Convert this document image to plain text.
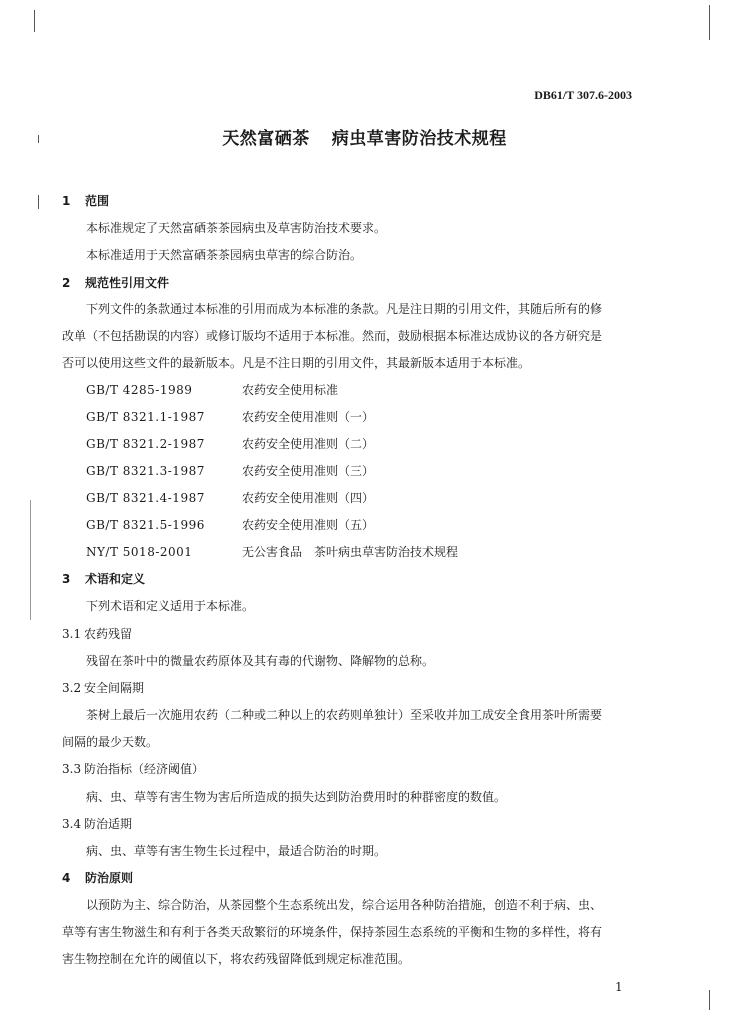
DB61/T 307.6-2003
天然富硒茶 病虫草害防治技术规程
1 范围
本标准规定了天然富硒茶茶园病虫及草害防治技术要求。
本标准适用于天然富硒茶茶园病虫草害的综合防治。
2 规范性引用文件
下列文件的条款通过本标准的引用而成为本标准的条款。凡是注日期的引用文件，其随后所有的修
改单（不包括勘误的内容）或修订版均不适用于本标准。然而，鼓励根据本标准达成协议的各方研究是
否可以使用这些文件的最新版本。凡是不注日期的引用文件，其最新版本适用于本标准。
GB/T 4285-1989	农药安全使用标准
GB/T 8321.1-1987	农药安全使用准则（一）
GB/T 8321.2-1987	农药安全使用准则（二）
GB/T 8321.3-1987	农药安全使用准则（三）
GB/T 8321.4-1987	农药安全使用准则（四）
GB/T 8321.5-1996	农药安全使用准则（五）
NY/T 5018-2001	无公害食品　茶叶病虫草害防治技术规程
3 术语和定义
下列术语和定义适用于本标准。
3.1 农药残留
残留在茶叶中的微量农药原体及其有毒的代谢物、降解物的总称。
3.2 安全间隔期
茶树上最后一次施用农药（二种或二种以上的农药则单独计）至采收并加工成安全食用茶叶所需要
间隔的最少天数。
3.3 防治指标（经济阈值）
病、虫、草等有害生物为害后所造成的损失达到防治费用时的种群密度的数值。
3.4 防治适期
病、虫、草等有害生物生长过程中，最适合防治的时期。
4 防治原则
以预防为主、综合防治，从茶园整个生态系统出发，综合运用各种防治措施，创造不利于病、虫、
草等有害生物滋生和有利于各类天敌繁衍的环境条件，保持茶园生态系统的平衡和生物的多样性，将有
害生物控制在允许的阈值以下，将农药残留降低到规定标准范围。
1
